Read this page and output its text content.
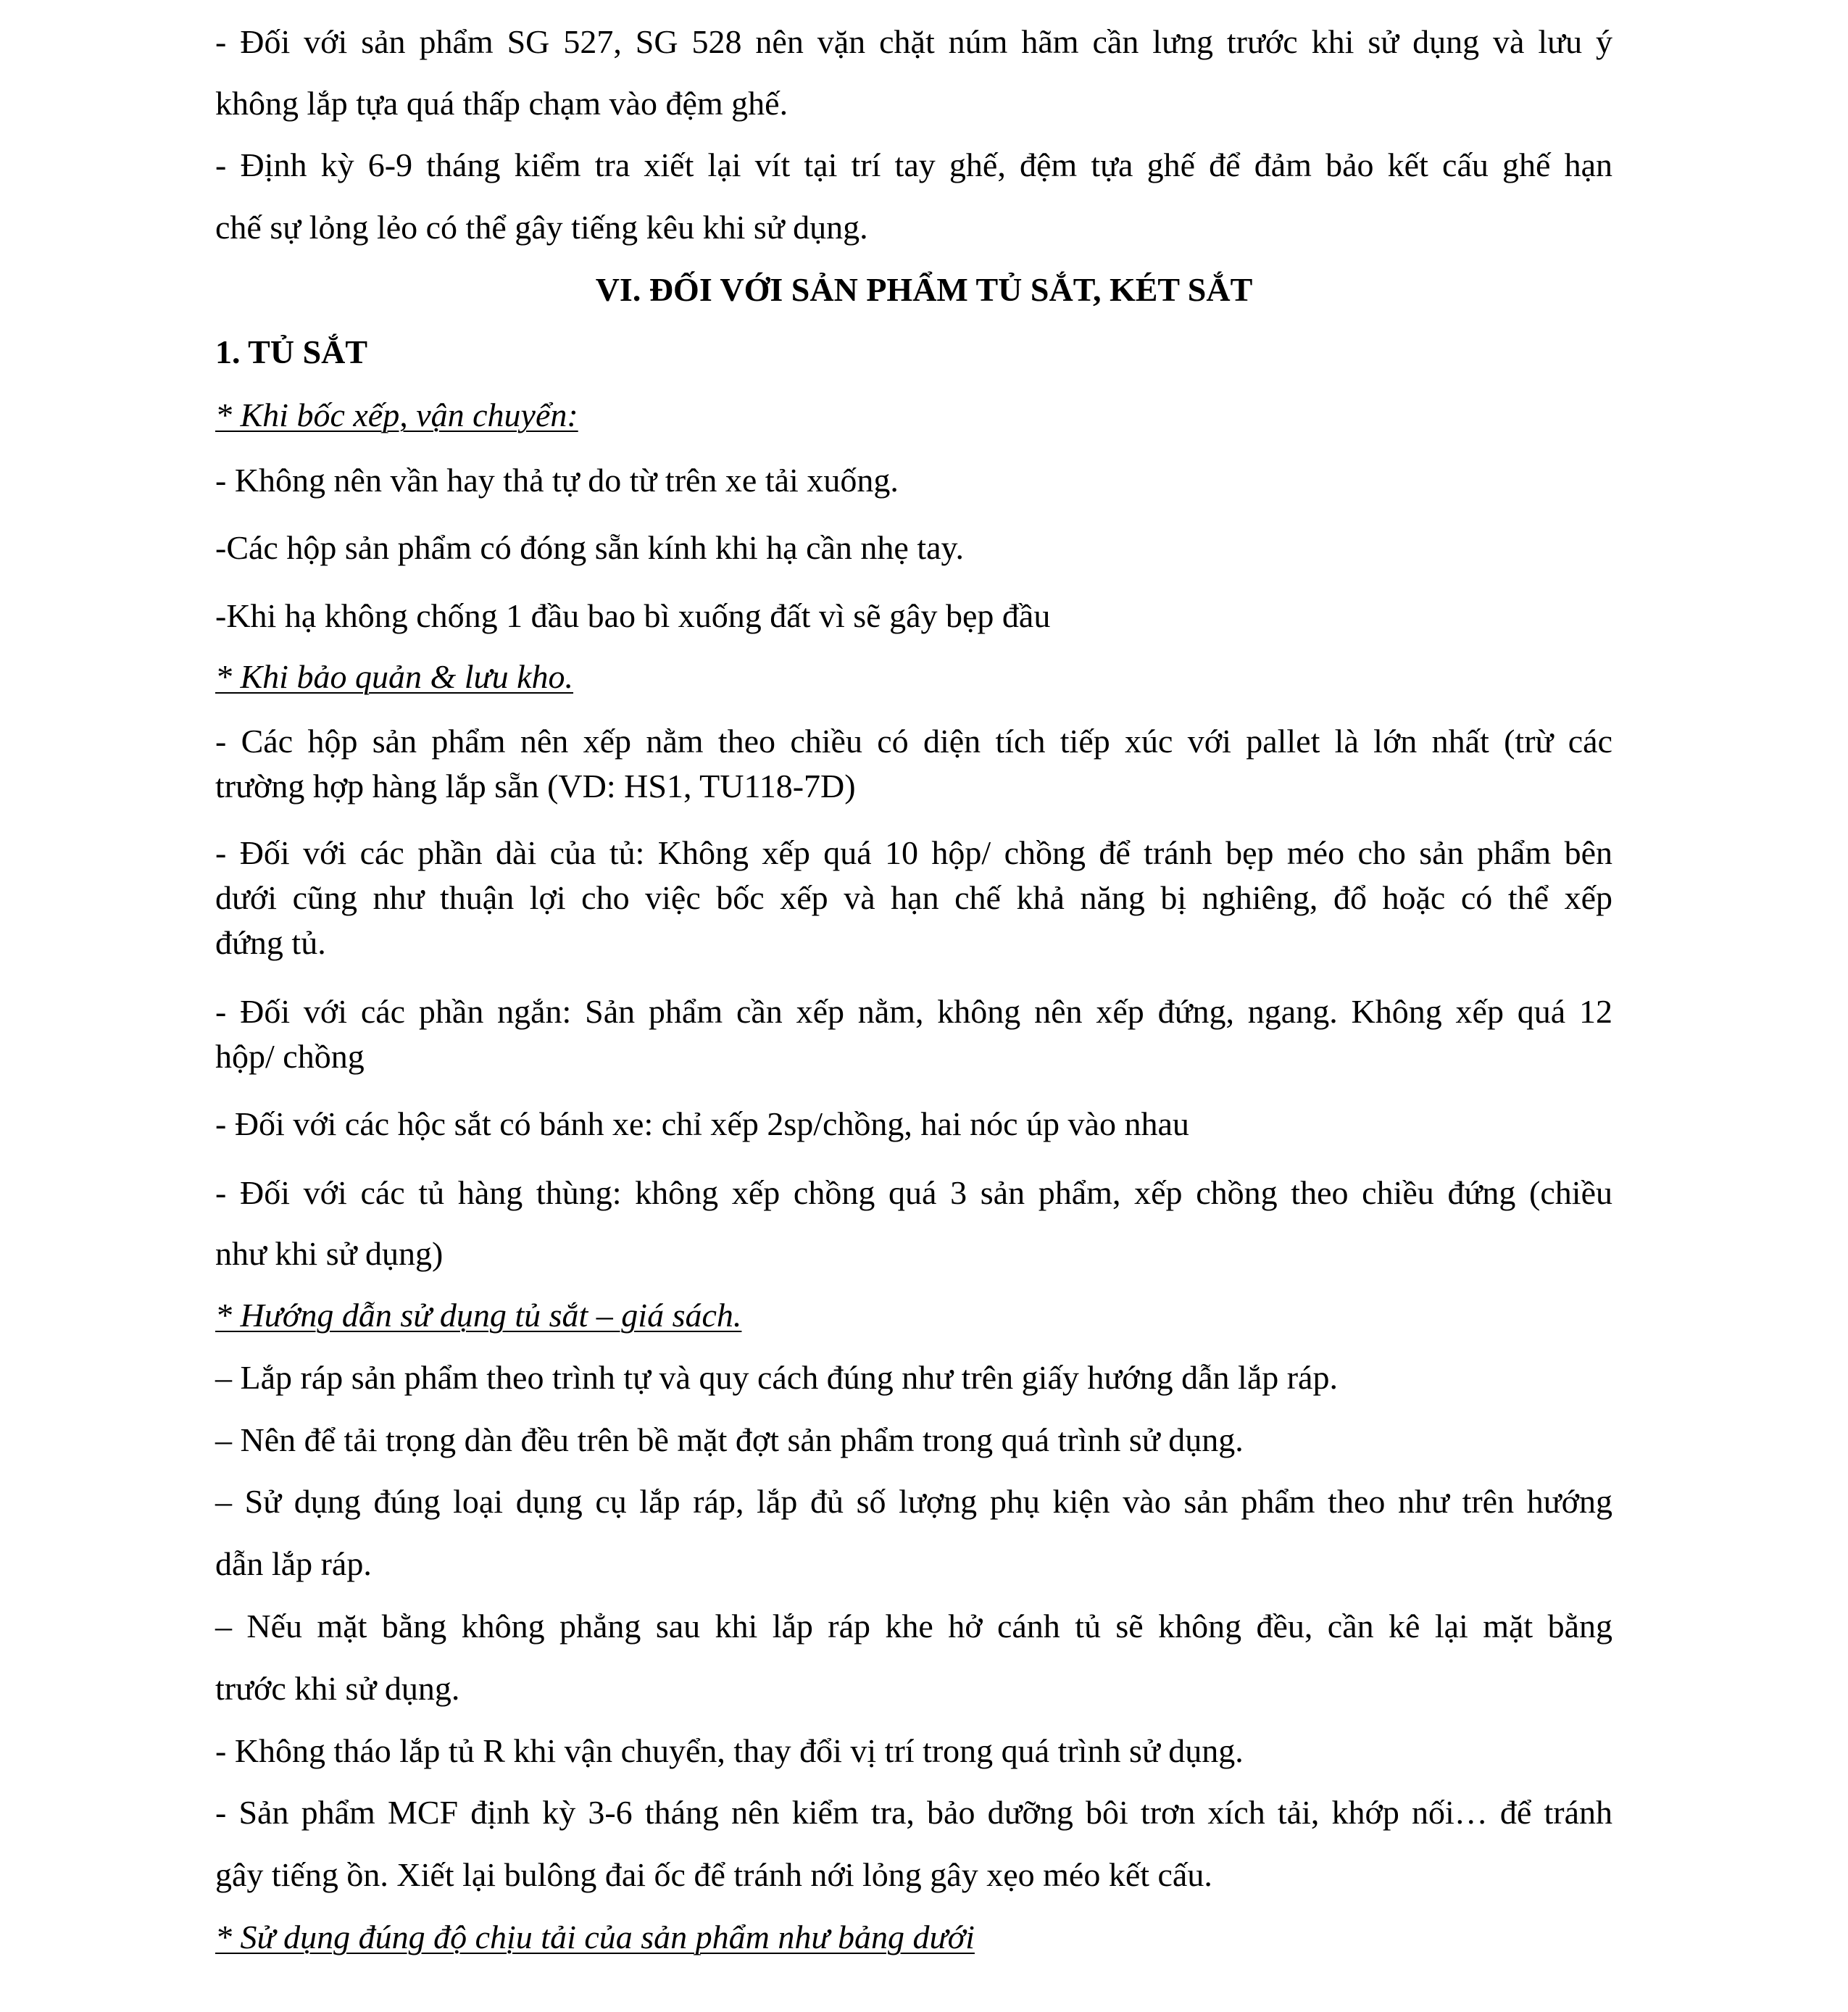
- Đối với sản phẩm SG 527, SG 528 nên vặn chặt núm hãm cần lưng trước khi sử dụng và lưu ý

không lắp tựa quá thấp chạm vào đệm ghế.

- Định kỳ 6-9 tháng kiểm tra xiết lại vít tại trí tay ghế, đệm tựa ghế để đảm bảo kết cấu ghế hạn

chế sự lỏng lẻo có thể gây tiếng kêu khi sử dụng.

VI. ĐỐI VỚI SẢN PHẨM TỦ SẮT, KÉT SẮT

1. TỦ SẮT

* Khi bốc xếp, vận chuyển:

- Không nên vần hay thả tự do từ trên xe tải xuống.

-Các hộp sản phẩm có đóng sẵn kính khi hạ cần nhẹ tay.

-Khi hạ không chống 1 đầu bao bì xuống đất vì sẽ gây bẹp đầu

* Khi bảo quản & lưu kho.

- Các hộp sản phẩm nên xếp nằm theo chiều có diện tích tiếp xúc với pallet là lớn nhất (trừ các

trường hợp hàng lắp sẵn (VD: HS1, TU118-7D)

- Đối với các phần dài của tủ: Không xếp quá 10 hộp/ chồng để tránh bẹp méo cho sản phẩm bên

dưới cũng như thuận lợi cho việc bốc xếp và hạn chế khả năng bị nghiêng, đổ hoặc có thể xếp

đứng tủ.

- Đối với các phần ngắn: Sản phẩm cần xếp nằm, không nên xếp đứng, ngang. Không xếp quá 12

hộp/ chồng

- Đối với các hộc sắt có bánh xe: chỉ xếp 2sp/chồng, hai nóc úp vào nhau

- Đối với các tủ hàng thùng: không xếp chồng quá 3 sản phẩm, xếp chồng theo chiều đứng (chiều

như khi sử dụng)

* Hướng dẫn sử dụng tủ sắt – giá sách.

– Lắp ráp sản phẩm theo trình tự và quy cách đúng như trên giấy hướng dẫn lắp ráp.

– Nên để tải trọng dàn đều trên bề mặt đợt sản phẩm trong quá trình sử dụng.

– Sử dụng đúng loại dụng cụ lắp ráp, lắp đủ số lượng phụ kiện vào sản phẩm theo như trên hướng

dẫn lắp ráp.

– Nếu mặt bằng không phẳng sau khi lắp ráp khe hở cánh tủ sẽ không đều, cần kê lại mặt bằng

trước khi sử dụng.

- Không tháo lắp tủ R khi vận chuyển, thay đổi vị trí trong quá trình sử dụng.

- Sản phẩm MCF định kỳ 3-6 tháng nên kiểm tra, bảo dưỡng bôi trơn xích tải, khớp nối… để tránh

gây tiếng ồn. Xiết lại bulông đai ốc để tránh nới lỏng gây xẹo méo kết cấu.

* Sử dụng đúng độ chịu tải của sản phẩm như bảng dưới
